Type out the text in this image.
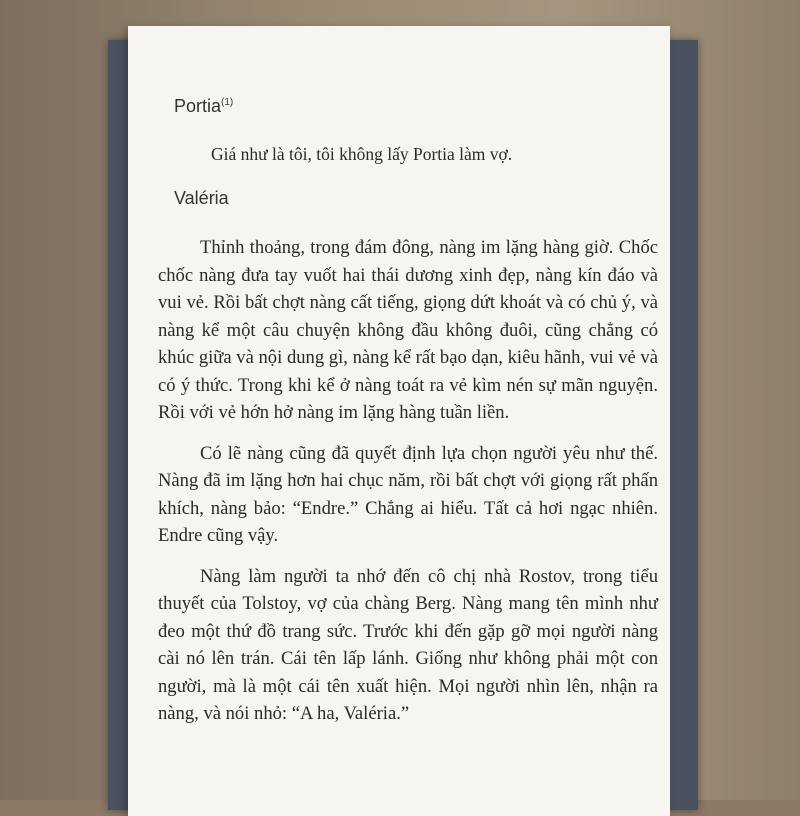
Portia$^{(1)}$
Giá như là tôi, tôi không lấy Portia làm vợ.
Valéria

Thỉnh thoảng, trong đám đông, nàng im lặng hàng giờ. Chốc chốc nàng đưa tay vuốt hai thái dương xinh đẹp, nàng kín đáo và vui vẻ. Rồi bất chợt nàng cất tiếng, giọng dứt khoát và có chủ ý, và nàng kể một câu chuyện không đầu không đuôi, cũng chẳng có khúc giữa và nội dung gì, nàng kể rất bạo dạn, kiêu hãnh, vui vẻ và có ý thức. Trong khi kể ở nàng toát ra vẻ kìm nén sự mãn nguyện. Rồi với vẻ hớn hở nàng im lặng hàng tuần liền.

Có lẽ nàng cũng đã quyết định lựa chọn người yêu như thế. Nàng đã im lặng hơn hai chục năm, rồi bất chợt với giọng rất phấn khích, nàng bảo: “Endre.” Chẳng ai hiểu. Tất cả hơi ngạc nhiên. Endre cũng vậy.

Nàng làm người ta nhớ đến cô chị nhà Rostov, trong tiểu thuyết của Tolstoy, vợ của chàng Berg. Nàng mang tên mình như đeo một thứ đồ trang sức. Trước khi đến gặp gỡ mọi người nàng cài nó lên trán. Cái tên lấp lánh. Giống như không phải một con người, mà là một cái tên xuất hiện. Mọi người nhìn lên, nhận ra nàng, và nói nhỏ: “A ha, Valéria.”
